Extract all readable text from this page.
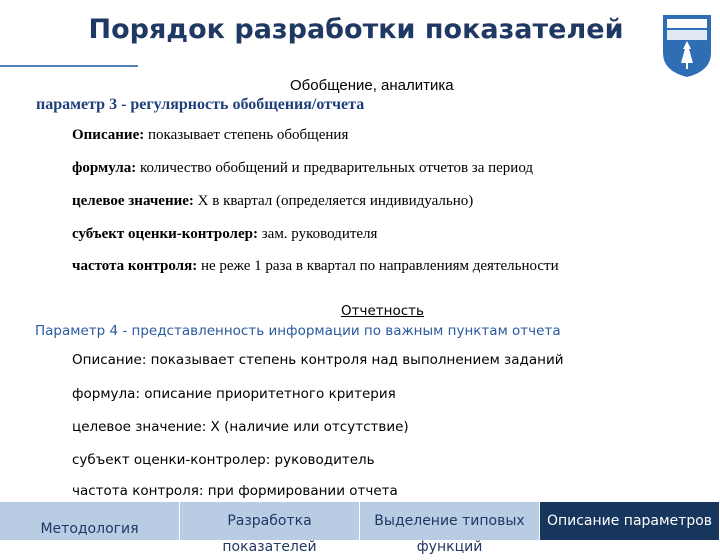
Порядок разработки показателей
Обобщение, аналитика
параметр 3 - регулярность обобщения/отчета
Описание: показывает степень обобщения
формула: количество обобщений и предварительных отчетов за период
целевое значение: Х в квартал (определяется индивидуально)
субъект оценки-контролер: зам. руководителя
частота контроля: не реже 1 раза в квартал по направлениям деятельности
Отчетность
Параметр 4 - представленность информации по важным пунктам отчета
Описание: показывает степень контроля над выполнением заданий
формула: описание приоритетного критерия
целевое значение: Х (наличие или отсутствие)
субъект оценки-контролер: руководитель
частота контроля: при формировании отчета
Методология	Разработка показателей
Выделение типовых функций
Описание параметров
